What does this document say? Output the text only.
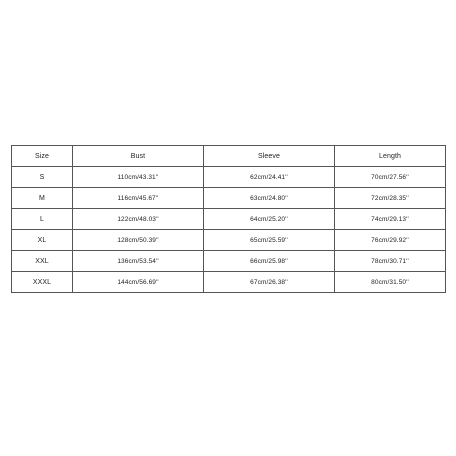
Size	Bust	Sleeve	Length
S	110cm/43.31''	62cm/24.41''	70cm/27.56''
M	116cm/45.67''	63cm/24.80''	72cm/28.35''
L	122cm/48.03''	64cm/25.20''	74cm/29.13''
XL	128cm/50.39''	65cm/25.59''	76cm/29.92''
XXL	136cm/53.54''	66cm/25.98''	78cm/30.71''
XXXL	144cm/56.69''	67cm/26.38''	80cm/31.50''
